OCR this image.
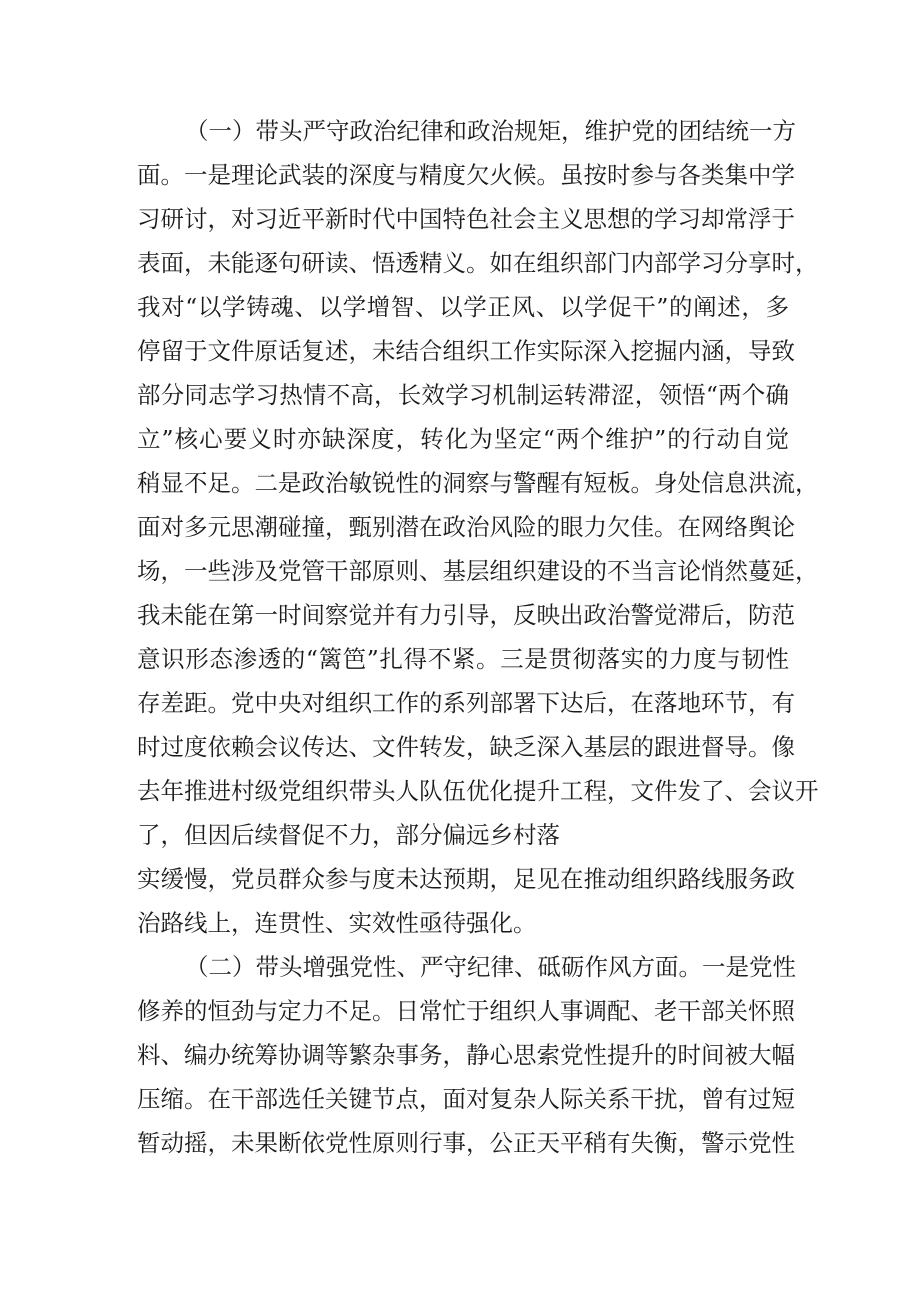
（一）带头严守政治纪律和政治规矩，维护党的团结统一方
面。一是理论武装的深度与精度欠火候。虽按时参与各类集中学
习研讨，对习近平新时代中国特色社会主义思想的学习却常浮于
表面，未能逐句研读、悟透精义。如在组织部门内部学习分享时，
我对“以学铸魂、以学增智、以学正风、以学促干”的阐述，多
停留于文件原话复述，未结合组织工作实际深入挖掘内涵，导致
部分同志学习热情不高，长效学习机制运转滞涩，领悟“两个确
立”核心要义时亦缺深度，转化为坚定“两个维护”的行动自觉
稍显不足。二是政治敏锐性的洞察与警醒有短板。身处信息洪流，
面对多元思潮碰撞，甄别潜在政治风险的眼力欠佳。在网络舆论
场，一些涉及党管干部原则、基层组织建设的不当言论悄然蔓延，
我未能在第一时间察觉并有力引导，反映出政治警觉滞后，防范
意识形态渗透的“篱笆”扎得不紧。三是贯彻落实的力度与韧性
存差距。党中央对组织工作的系列部署下达后，在落地环节，有
时过度依赖会议传达、文件转发，缺乏深入基层的跟进督导。像
去年推进村级党组织带头人队伍优化提升工程，文件发了、会议开
了，但因后续督促不力，部分偏远乡村落
实缓慢，党员群众参与度未达预期，足见在推动组织路线服务政
治路线上，连贯性、实效性亟待强化。
（二）带头增强党性、严守纪律、砥砺作风方面。一是党性
修养的恒劲与定力不足。日常忙于组织人事调配、老干部关怀照
料、编办统筹协调等繁杂事务，静心思索党性提升的时间被大幅
压缩。在干部选任关键节点，面对复杂人际关系干扰，曾有过短
暂动摇，未果断依党性原则行事，公正天平稍有失衡，警示党性
